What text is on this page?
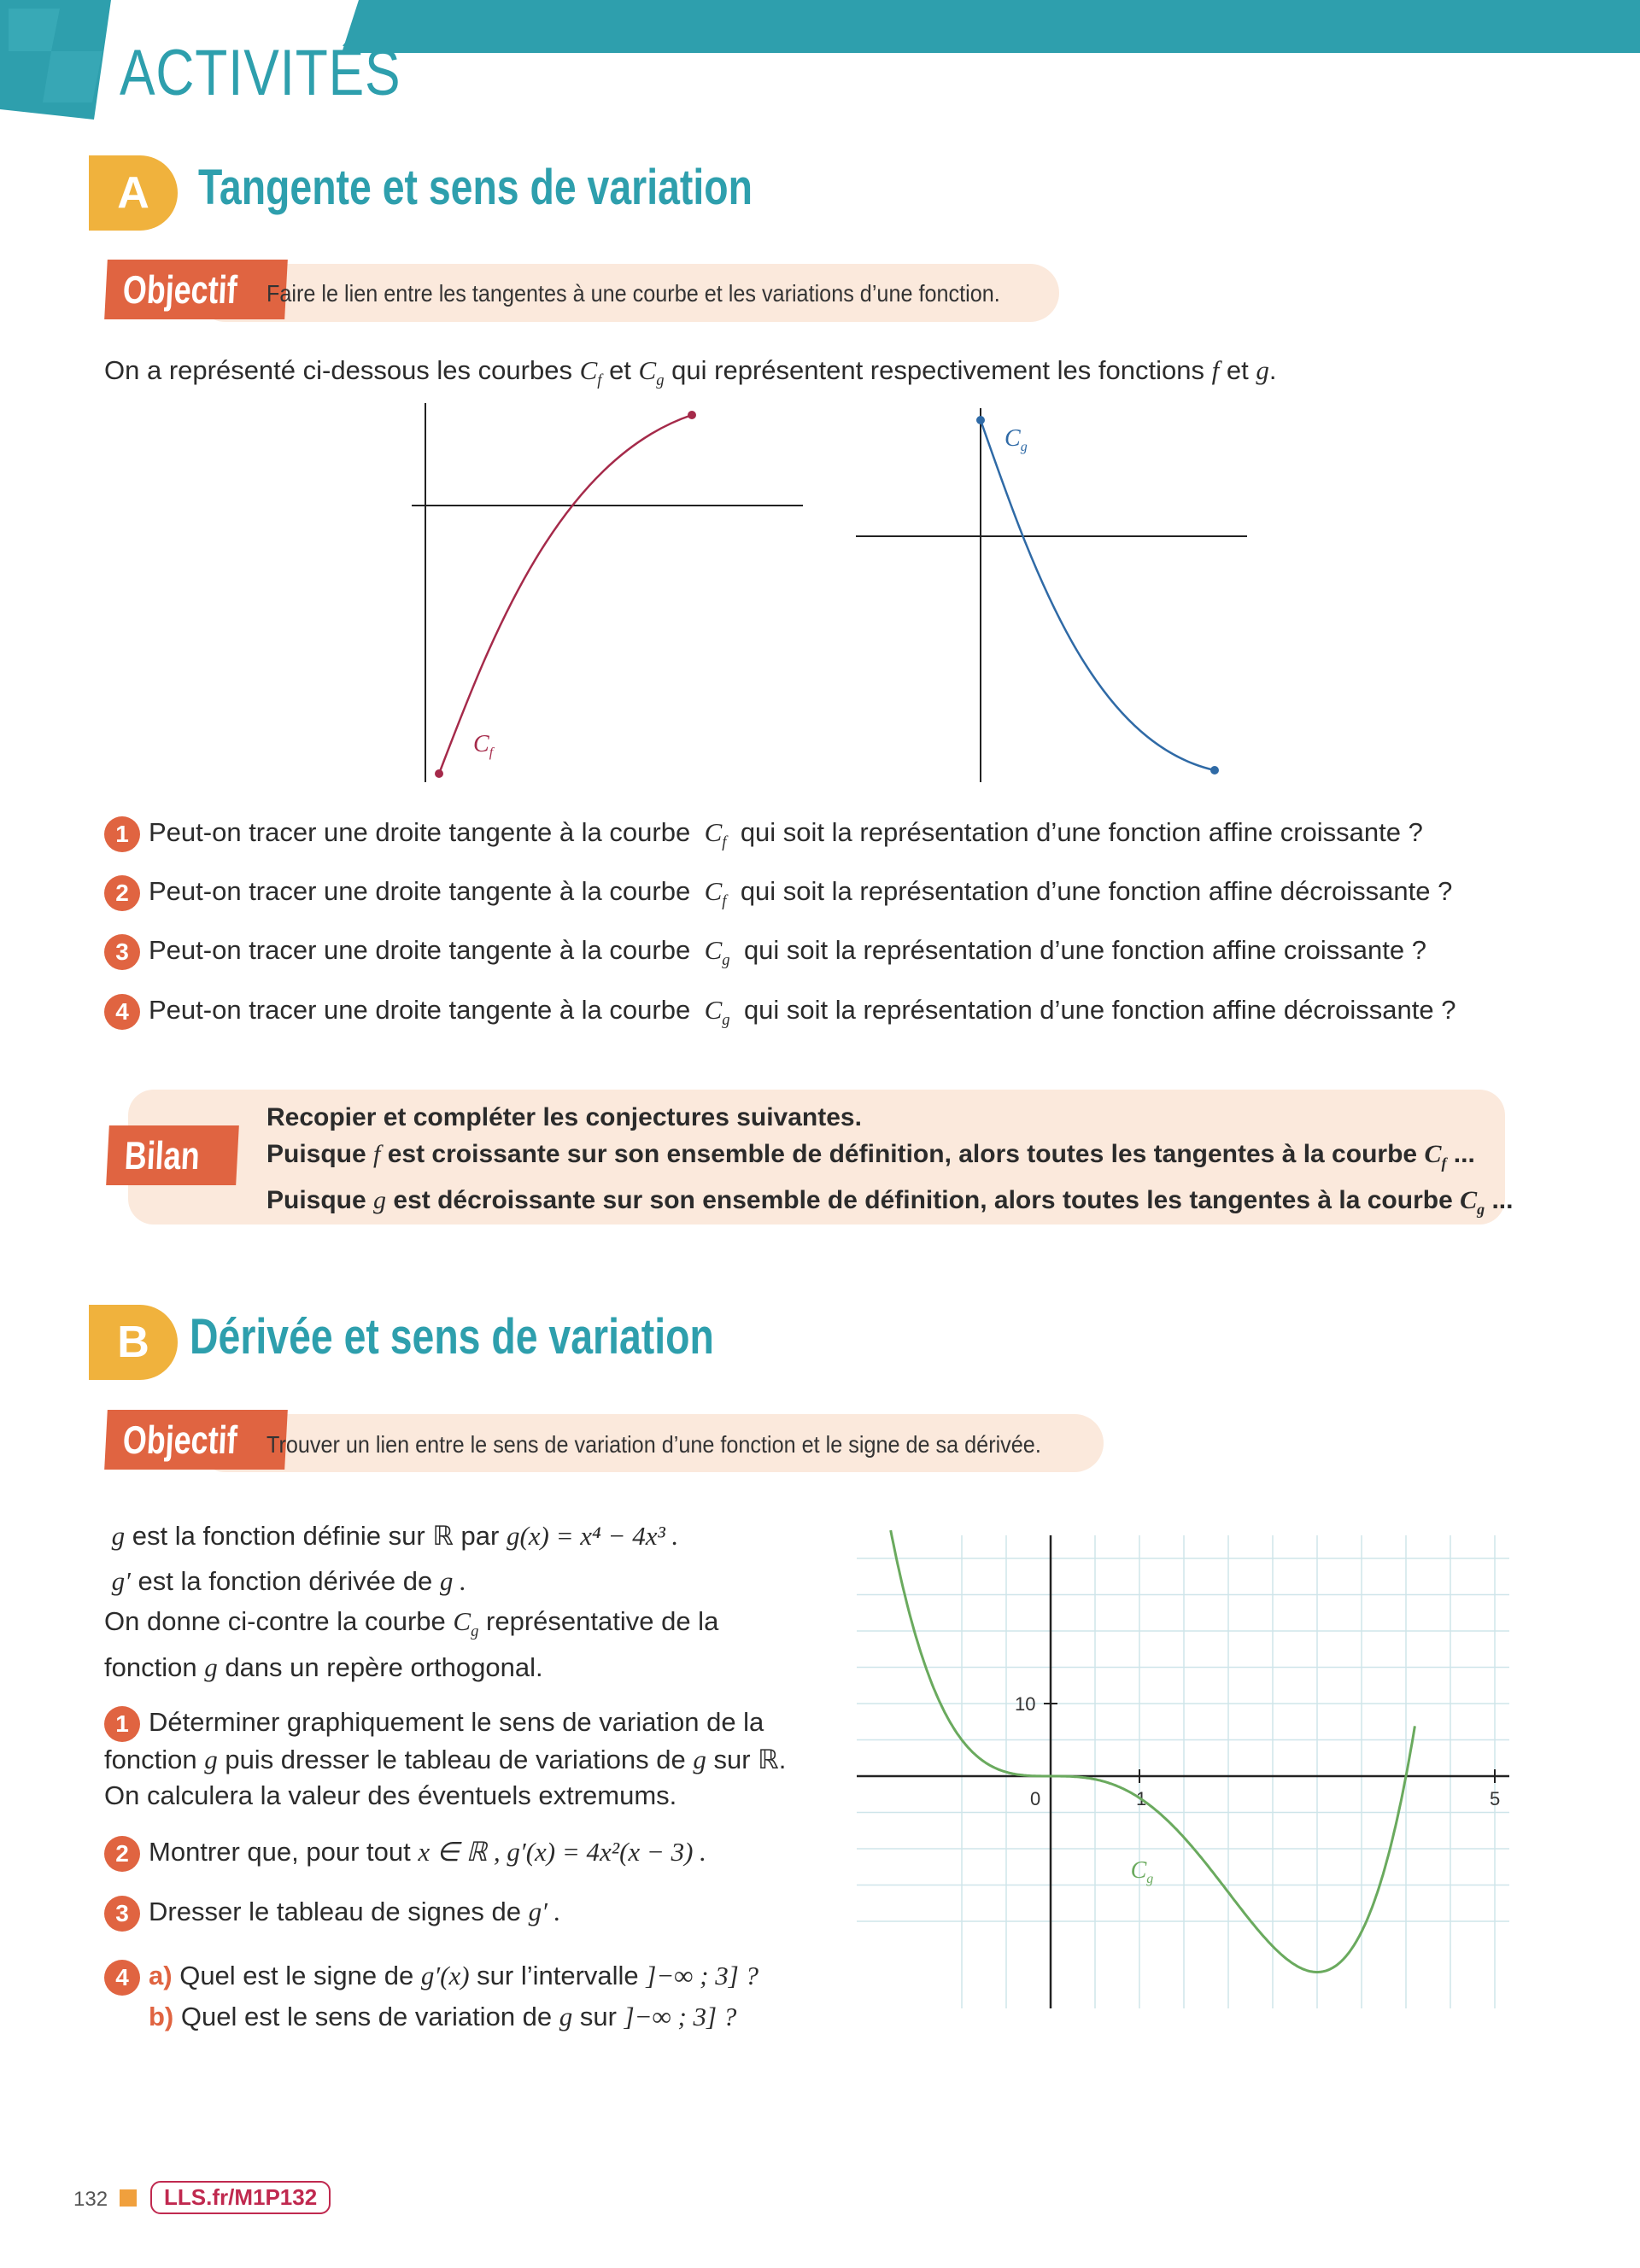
ACTIVITÉS
A Tangente et sens de variation
Objectif Faire le lien entre les tangentes à une courbe et les variations d’une fonction.
On a représenté ci-dessous les courbes $C_f$ et $C_g$ qui représentent respectivement les fonctions f et g.
$C_f$
$C_g$
1 Peut-on tracer une droite tangente à la courbe  $C_f$ qui soit la représentation d’une fonction affine croissante ?
2 Peut-on tracer une droite tangente à la courbe  $C_f$ qui soit la représentation d’une fonction affine décroissante ?
3 Peut-on tracer une droite tangente à la courbe  $C_g$ qui soit la représentation d’une fonction affine croissante ?
4 Peut-on tracer une droite tangente à la courbe  $C_g$ qui soit la représentation d’une fonction affine décroissante ?
Bilan
Recopier et compléter les conjectures suivantes.
Puisque f est croissante sur son ensemble de définition, alors toutes les tangentes à la courbe $C_f$ ...
Puisque g est décroissante sur son ensemble de définition, alors toutes les tangentes à la courbe $C_g$ ...
B Dérivée et sens de variation
Objectif Trouver un lien entre le sens de variation d’une fonction et le signe de sa dérivée.
g est la fonction définie sur ℝ par g(x) = x⁴ − 4x³ .
g′ est la fonction dérivée de g .
On donne ci-contre la courbe $C_g$ représentative de la
fonction g dans un repère orthogonal.
1 Déterminer graphiquement le sens de variation de la
fonction g puis dresser le tableau de variations de g sur ℝ.
On calculera la valeur des éventuels extremums.
2 Montrer que, pour tout x ∈ ℝ , g′(x) = 4x²(x − 3) .
3 Dresser le tableau de signes de g′ .
4 a) Quel est le signe de g′(x) sur l’intervalle ]−∞ ; 3] ?
b) Quel est le sens de variation de g sur ]−∞ ; 3] ?
0	1	5
10
$C_g$
132	LLS.fr/M1P132
